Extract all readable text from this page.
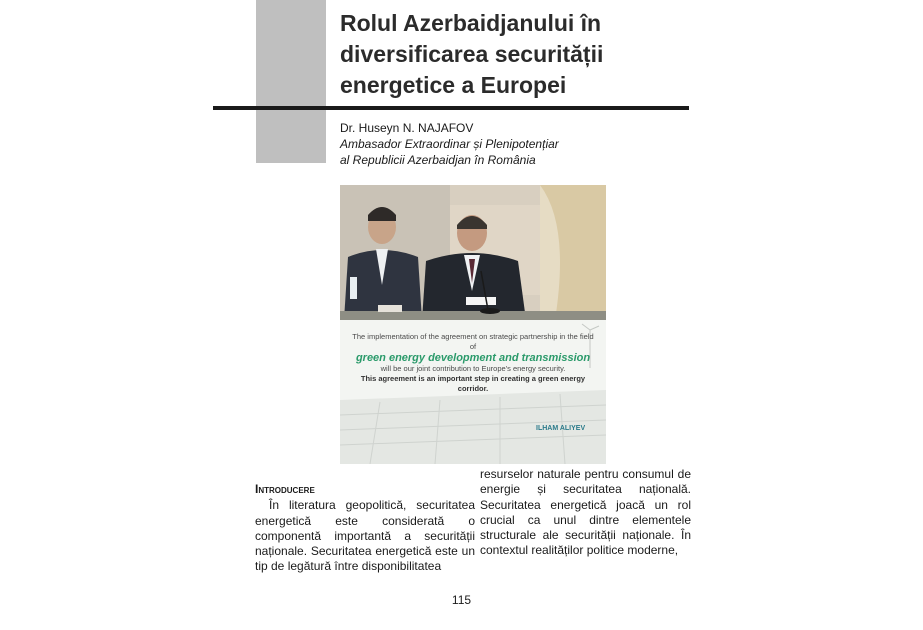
Rolul Azerbaidjanului în diversificarea securității energetice a Europei
Dr. Huseyn N. NAJAFOV
Ambasador Extraordinar și Plenipotențiar al Republicii Azerbaidjan în România
The implementation of the agreement on strategic partnership in the field of
green energy development and transmission
will be our joint contribution to Europe's energy security.
This agreement is an important step in creating a green energy corridor.
ILHAM ALIYEV
Introducere
În literatura geopolitică, securitatea energetică este considerată o componentă importantă a securității naționale. Securitatea energetică este un tip de legătură între disponibilitatea
resurselor naturale pentru consumul de energie și securitatea națională. Securitatea energetică joacă un rol crucial ca unul dintre elementele structurale ale securității naționale. În contextul realităților politice moderne,
115
